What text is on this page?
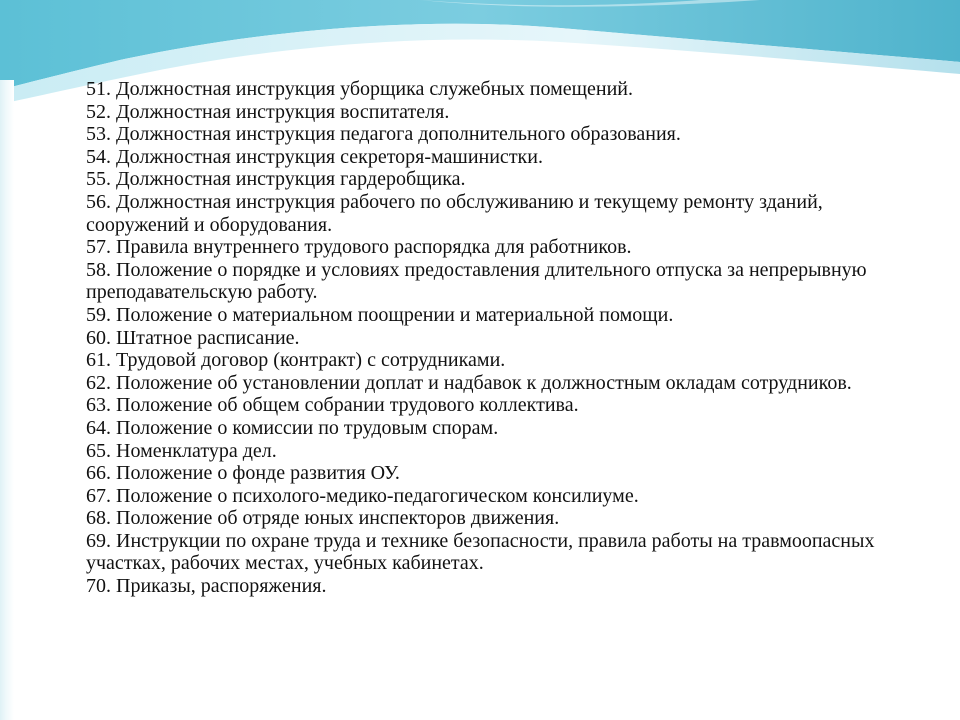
51. Должностная инструкция уборщика служебных помещений.

52. Должностная инструкция воспитателя.

53. Должностная инструкция педагога дополнительного образования.

54. Должностная инструкция секреторя-машинистки.

55. Должностная инструкция гардеробщика.

56. Должностная инструкция рабочего по обслуживанию и текущему ремонту зданий, сооружений и оборудования.

57. Правила внутреннего трудового распорядка для работников.

58. Положение о порядке и условиях предоставления длительного отпуска за непрерывную преподавательскую работу.

59. Положение о материальном поощрении и материальной помощи.

60. Штатное расписание.

61. Трудовой договор (контракт) с сотрудниками.

62. Положение об установлении доплат и надбавок к должностным окладам сотрудников.

63. Положение об общем собрании трудового коллектива.

64. Положение о комиссии по трудовым спорам.

65. Номенклатура дел.

66. Положение о фонде развития ОУ.

67. Положение о психолого-медико-педагогическом консилиуме.

68. Положение об отряде юных инспекторов движения.

69. Инструкции по охране труда и технике безопасности, правила работы на травмоопасных участках, рабочих местах, учебных кабинетах.

70. Приказы, распоряжения.
